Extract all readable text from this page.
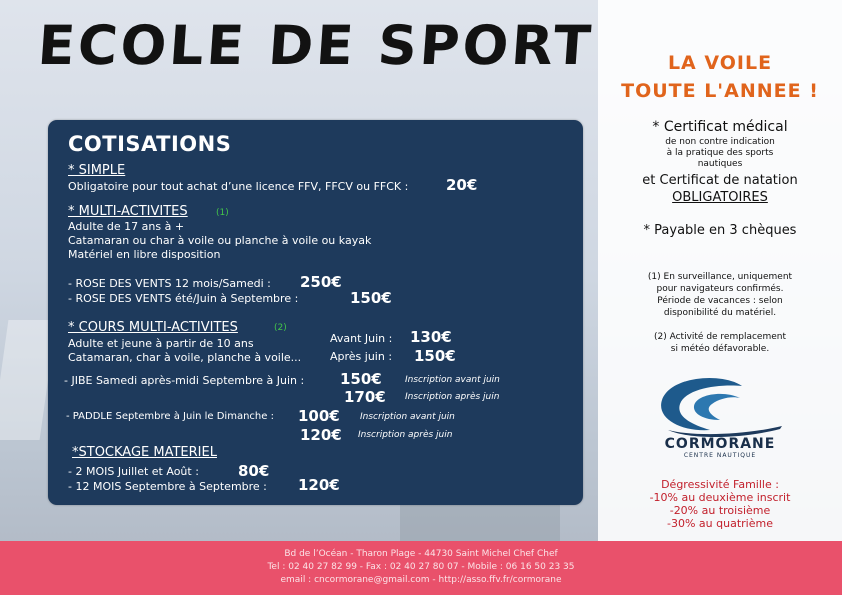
ECOLE DE SPORT
COTISATIONS
* SIMPLE
Obligatoire pour tout achat d’une licence FFV, FFCV ou FFCK :	20€
* MULTI-ACTIVITES	(1)
Adulte de 17 ans à +
Catamaran ou char à voile ou planche à voile ou kayak
Matériel en libre disposition
- ROSE DES VENTS 12 mois/Samedi : 250€
- ROSE DES VENTS été/Juin à Septembre :	150€
* COURS MULTI-ACTIVITES	(2)
Adulte et jeune à partir de 10 ans
Catamaran, char à voile, planche à voile...
Avant Juin : 130€
Après juin : 150€
- JIBE Samedi après-midi Septembre à Juin : 150€	Inscription avant juin
170€ Inscription après juin
- PADDLE Septembre à Juin le Dimanche : 100€ Inscription avant juin
120€ Inscription après juin
*STOCKAGE MATERIEL
- 2 MOIS Juillet et Août :	80€
- 12 MOIS Septembre à Septembre : 120€
LA VOILE
TOUTE L'ANNEE !
* Certificat médical
de non contre indication
à la pratique des sports
nautiques
et Certificat de natation
OBLIGATOIRES
* Payable en 3 chèques
(1) En surveillance, uniquement
pour navigateurs confirmés.
Période de vacances : selon
disponibilité du matériel.
(2) Activité de remplacement
si météo défavorable.
CORMORANE
CENTRE NAUTIQUE
Dégressivité Famille :
-10% au deuxième inscrit
-20% au troisième
-30% au quatrième
Bd de l’Océan - Tharon Plage - 44730 Saint Michel Chef Chef
Tel : 02 40 27 82 99 - Fax : 02 40 27 80 07 - Mobile : 06 16 50 23 35
email : cncormorane@gmail.com - http://asso.ffv.fr/cormorane
